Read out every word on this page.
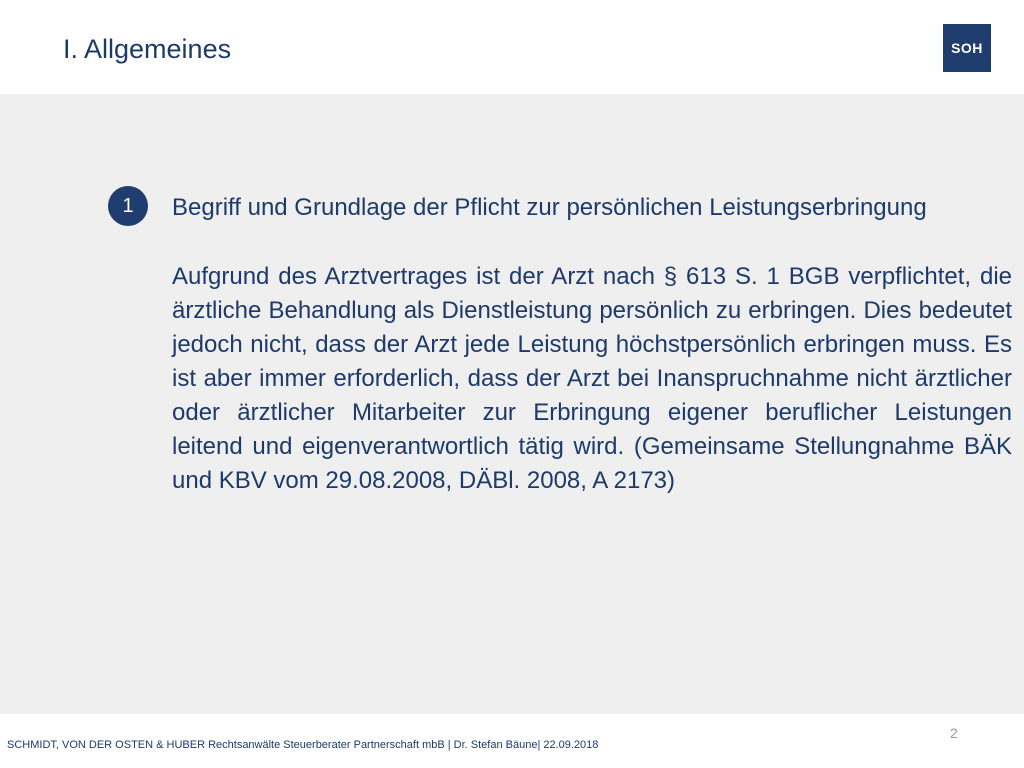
I. Allgemeines	SOH
1 Begriff und Grundlage der Pflicht zur persönlichen Leistungserbringung
Aufgrund des Arztvertrages ist der Arzt nach § 613 S. 1 BGB verpflichtet, die ärztliche Behandlung als Dienstleistung persönlich zu erbringen. Dies bedeutet jedoch nicht, dass der Arzt jede Leistung höchstpersönlich erbringen muss. Es ist aber immer erforderlich, dass der Arzt bei Inanspruchnahme nicht ärztlicher oder ärztlicher Mitarbeiter zur Erbringung eigener beruflicher Leistungen leitend und eigenverantwortlich tätig wird. (Gemeinsame Stellungnahme BÄK und KBV vom 29.08.2008, DÄBl. 2008, A 2173)
2
SCHMIDT, VON DER OSTEN & HUBER Rechtsanwälte Steuerberater Partnerschaft mbB | Dr. Stefan Bäune| 22.09.2018
